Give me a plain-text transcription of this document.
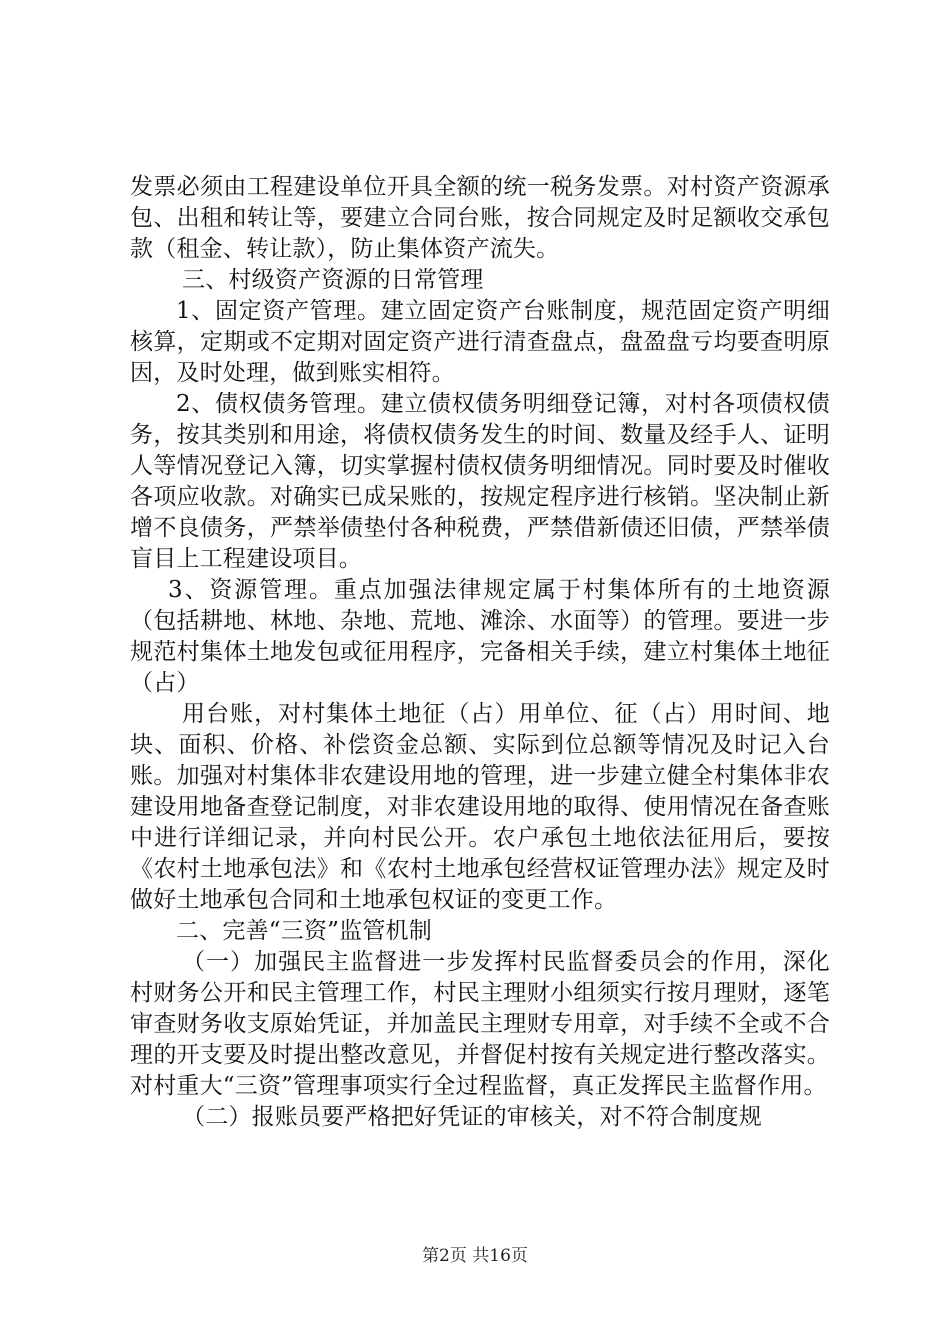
发票必须由工程建设单位开具全额的统一税务发票。对村资产资源承包、出租和转让等，要建立合同台账，按合同规定及时足额收交承包款（租金、转让款），防止集体资产流失。

三、村级资产资源的日常管理

1、固定资产管理。建立固定资产台账制度，规范固定资产明细核算，定期或不定期对固定资产进行清查盘点，盘盈盘亏均要查明原因，及时处理，做到账实相符。

2、债权债务管理。建立债权债务明细登记簿，对村各项债权债务，按其类别和用途，将债权债务发生的时间、数量及经手人、证明人等情况登记入簿，切实掌握村债权债务明细情况。同时要及时催收各项应收款。对确实已成呆账的，按规定程序进行核销。坚决制止新增不良债务，严禁举债垫付各种税费，严禁借新债还旧债，严禁举债盲目上工程建设项目。

3、资源管理。重点加强法律规定属于村集体所有的土地资源（包括耕地、林地、杂地、荒地、滩涂、水面等）的管理。要进一步规范村集体土地发包或征用程序，完备相关手续，建立村集体土地征（占）

用台账，对村集体土地征（占）用单位、征（占）用时间、地块、面积、价格、补偿资金总额、实际到位总额等情况及时记入台账。加强对村集体非农建设用地的管理，进一步建立健全村集体非农建设用地备查登记制度，对非农建设用地的取得、使用情况在备查账中进行详细记录，并向村民公开。农户承包土地依法征用后，要按《农村土地承包法》和《农村土地承包经营权证管理办法》规定及时做好土地承包合同和土地承包权证的变更工作。

二、完善“三资”监管机制

（一）加强民主监督进一步发挥村民监督委员会的作用，深化村财务公开和民主管理工作，村民主理财小组须实行按月理财，逐笔审查财务收支原始凭证，并加盖民主理财专用章，对手续不全或不合理的开支要及时提出整改意见，并督促村按有关规定进行整改落实。对村重大“三资”管理事项实行全过程监督，真正发挥民主监督作用。

（二）报账员要严格把好凭证的审核关，对不符合制度规

第2页 共16页
